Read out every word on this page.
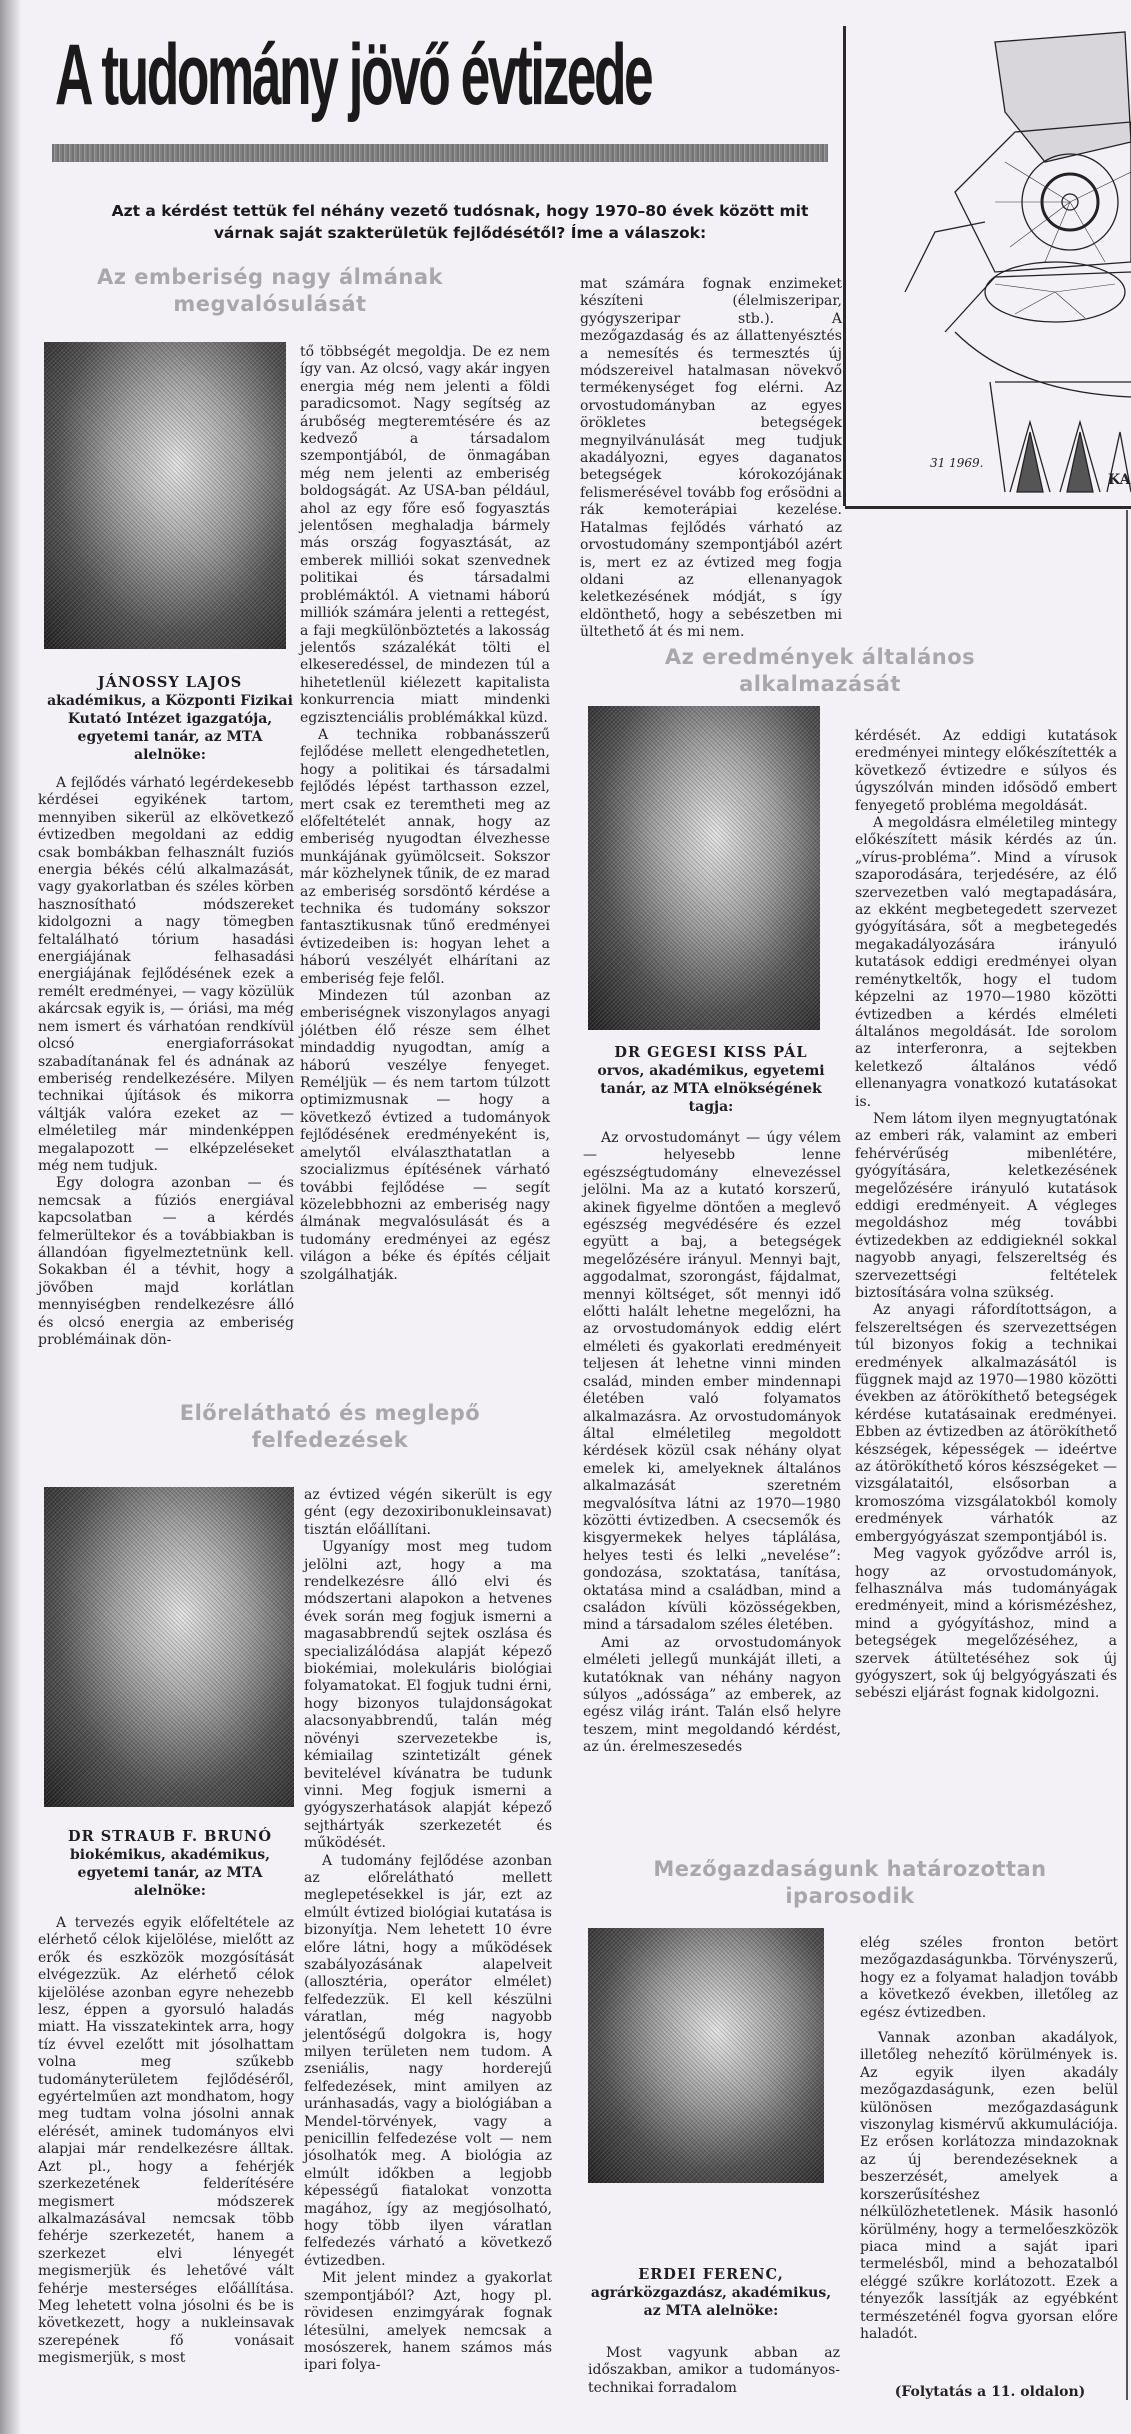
A tudomány jövő évtizede
31 1969.
KA

Azt a kérdést tettük fel néhány vezető tudósnak, hogy 1970–80 évek között mit várnak saját szakterületük fejlődésétől? Íme a válaszok:

Az emberiség nagy álmának megvalósulását
JÁNOSSY LAJOS
akadémikus, a Központi Fizikai Kutató Intézet igazgatója, egyetemi tanár, az MTA alelnöke:

A fejlődés várható legérdekesebb kérdései egyikének tartom, mennyiben sikerül az elkövetkező évtizedben megoldani az eddig csak bombákban felhasznált fuziós energia békés célú alkalmazását, vagy gyakorlatban és széles körben hasznosítható módszereket kidolgozni a nagy tömegben feltalálható tórium hasadási energiájának felhasadási energiájának fejlődésének ezek a remélt eredményei, — vagy közülük akárcsak egyik is, — óriási, ma még nem ismert és várhatóan rendkívül olcsó energiaforrásokat szabadítanának fel és adnának az emberiség rendelkezésére. Milyen technikai újítások és mikorra váltják valóra ezeket az — elméletileg már mindenképpen megalapozott — elképzeléseket még nem tudjuk.

Egy dologra azonban — és nemcsak a fúziós energiával kapcsolatban — a kérdés felmerültekor és a továbbiakban is állandóan figyelmeztetnünk kell. Sokakban él a tévhit, hogy a jövőben majd korlátlan mennyiségben rendelkezésre álló és olcsó energia az emberiség problémáinak dön-

tő többségét megoldja. De ez nem így van. Az olcsó, vagy akár ingyen energia még nem jelenti a földi paradicsomot. Nagy segítség az árubőség megteremtésére és az kedvező a társadalom szempontjából, de önmagában még nem jelenti az emberiség boldogságát. Az USA-ban például, ahol az egy főre eső fogyasztás jelentősen meghaladja bármely más ország fogyasztását, az emberek milliói sokat szenvednek politikai és társadalmi problémáktól. A vietnami háború milliók számára jelenti a rettegést, a faji megkülönböztetés a lakosság jelentős százalékát tölti el elkeseredéssel, de mindezen túl a hihetetlenül kiélezett kapitalista konkurrencia miatt mindenki egzisztenciális problémákkal küzd.

A technika robbanásszerű fejlődése mellett elengedhetetlen, hogy a politikai és társadalmi fejlődés lépést tarthasson ezzel, mert csak ez teremtheti meg az előfeltételét annak, hogy az emberiség nyugodtan élvezhesse munkájának gyümölcseit. Sokszor már közhelynek tűnik, de ez marad az emberiség sorsdöntő kérdése a technika és tudomány sokszor fantasztikusnak tűnő eredményei évtizedeiben is: hogyan lehet a háború veszélyét elhárítani az emberiség feje felől.

Mindezen túl azonban az emberiségnek viszonylagos anyagi jólétben élő része sem élhet mindaddig nyugodtan, amíg a háború veszélye fenyeget. Reméljük — és nem tartom túlzott optimizmusnak — hogy a következő évtized a tudományok fejlődésének eredményeként is, amelytől elválaszthatatlan a szocializmus építésének várható további fejlődése — segít közelebbhozni az emberiség nagy álmának megvalósulását és a tudomány eredményei az egész világon a béke és építés céljait szolgálhatják.

Előrelátható és meglepő felfedezések
DR STRAUB F. BRUNÓ
biokémikus, akadémikus, egyetemi tanár, az MTA alelnöke:

A tervezés egyik előfeltétele az elérhető célok kijelölése, mielőtt az erők és eszközök mozgósítását elvégezzük. Az elérhető célok kijelölése azonban egyre nehezebb lesz, éppen a gyorsuló haladás miatt. Ha visszatekintek arra, hogy tíz évvel ezelőtt mit jósolhattam volna meg szűkebb tudományterületem fejlődéséről, egyértelműen azt mondhatom, hogy meg tudtam volna jósolni annak elérését, aminek tudományos elvi alapjai már rendelkezésre álltak. Azt pl., hogy a fehérjék szerkezetének felderítésére megismert módszerek alkalmazásával nemcsak több fehérje szerkezetét, hanem a szerkezet elvi lényegét megismerjük és lehetővé vált fehérje mesterséges előállítása. Meg lehetett volna jósolni és be is következett, hogy a nukleinsavak szerepének fő vonásait megismerjük, s most

az évtized végén sikerült is egy gént (egy dezoxiribonukleinsavat) tisztán előállítani.

Ugyanígy most meg tudom jelölni azt, hogy a ma rendelkezésre álló elvi és módszertani alapokon a hetvenes évek során meg fogjuk ismerni a magasabbrendű sejtek oszlása és specializálódása alapját képező biokémiai, molekuláris biológiai folyamatokat. El fogjuk tudni érni, hogy bizonyos tulajdonságokat alacsonyabbrendű, talán még növényi szervezetekbe is, kémiailag szintetizált gének bevitelével kívánatra be tudunk vinni. Meg fogjuk ismerni a gyógyszerhatások alapját képező sejthártyák szerkezetét és működését.

A tudomány fejlődése azonban az előrelátható mellett meglepetésekkel is jár, ezt az elmúlt évtized biológiai kutatása is bizonyítja. Nem lehetett 10 évre előre látni, hogy a működések szabályozásának alapelveit (allosztéria, operátor elmélet) felfedezzük. El kell készülni váratlan, még nagyobb jelentőségű dolgokra is, hogy milyen területen nem tudom. A zseniális, nagy horderejű felfedezések, mint amilyen az uránhasadás, vagy a biológiában a Mendel-törvények, vagy a penicillin felfedezése volt — nem jósolhatók meg. A biológia az elmúlt időkben a legjobb képességű fiatalokat vonzotta magához, így az megjósolható, hogy több ilyen váratlan felfedezés várható a következő évtizedben.

Mit jelent mindez a gyakorlat szempontjából? Azt, hogy pl. rövidesen enzimgyárak fognak létesülni, amelyek nemcsak a mosószerek, hanem számos más ipari folya-

mat számára fognak enzimeket készíteni (élelmiszeripar, gyógyszeripar stb.). A mezőgazdaság és az állattenyésztés a nemesítés és termesztés új módszereivel hatalmasan növekvő termékenységet fog elérni. Az orvostudományban az egyes örökletes betegségek megnyilvánulását meg tudjuk akadályozni, egyes daganatos betegségek kórokozójának felismerésével tovább fog erősödni a rák kemoterápiai kezelése. Hatalmas fejlődés várható az orvostudomány szempontjából azért is, mert ez az évtized meg fogja oldani az ellenanyagok keletkezésének módját, s így eldönthető, hogy a sebészetben mi ültethető át és mi nem.

Az eredmények általános alkalmazását
DR GEGESI KISS PÁL
orvos, akadémikus, egyetemi tanár, az MTA elnökségének tagja:

Az orvostudományt — úgy vélem — helyesebb lenne egészségtudomány elnevezéssel jelölni. Ma az a kutató korszerű, akinek figyelme döntően a meglevő egészség megvédésére és ezzel együtt a baj, a betegségek megelőzésére irányul. Mennyi bajt, aggodalmat, szorongást, fájdalmat, mennyi költséget, sőt mennyi idő előtti halált lehetne megelőzni, ha az orvostudományok eddig elért elméleti és gyakorlati eredményeit teljesen át lehetne vinni minden család, minden ember mindennapi életében való folyamatos alkalmazásra. Az orvostudományok által elméletileg megoldott kérdések közül csak néhány olyat emelek ki, amelyeknek általános alkalmazását szeretném megvalósítva látni az 1970—1980 közötti évtizedben. A csecsemők és kisgyermekek helyes táplálása, helyes testi és lelki „nevelése”: gondozása, szoktatása, tanítása, oktatása mind a családban, mind a családon kívüli közösségekben, mind a társadalom széles életében.

Ami az orvostudományok elméleti jellegű munkáját illeti, a kutatóknak van néhány nagyon súlyos „adóssága” az emberek, az egész világ iránt. Talán első helyre teszem, mint megoldandó kérdést, az ún. érelmeszesedés

kérdését. Az eddigi kutatások eredményei mintegy előkészítették a következő évtizedre e súlyos és úgyszólván minden idősödő embert fenyegető probléma megoldását.

A megoldásra elméletileg mintegy előkészített másik kérdés az ún. „vírus-probléma”. Mind a vírusok szaporodására, terjedésére, az élő szervezetben való megtapadására, az ekként megbetegedett szervezet gyógyítására, sőt a megbetegedés megakadályozására irányuló kutatások eddigi eredményei olyan reménytkeltők, hogy el tudom képzelni az 1970—1980 közötti évtizedben a kérdés elméleti általános megoldását. Ide sorolom az interferonra, a sejtekben keletkező általános védő ellenanyagra vonatkozó kutatásokat is.

Nem látom ilyen megnyugtatónak az emberi rák, valamint az emberi fehérvérűség mibenlétére, gyógyítására, keletkezésének megelőzésére irányuló kutatások eddigi eredményeit. A végleges megoldáshoz még további évtizedekben az eddigieknél sokkal nagyobb anyagi, felszereltség és szervezettségi feltételek biztosítására volna szükség.

Az anyagi ráfordítottságon, a felszereltségen és szervezettségen túl bizonyos fokig a technikai eredmények alkalmazásától is függnek majd az 1970—1980 közötti években az átörökíthető betegségek kérdése kutatásainak eredményei. Ebben az évtizedben az átörökíthető készségek, képességek — ideértve az átörökíthető kóros készségeket — vizsgálataitól, elsősorban a kromoszóma vizsgálatokból komoly eredmények várhatók az embergyógyászat szempontjából is.

Meg vagyok győződve arról is, hogy az orvostudományok, felhasználva más tudományágak eredményeit, mind a kórismézéshez, mind a gyógyításhoz, mind a betegségek megelőzéséhez, a szervek átültetéséhez sok új gyógyszert, sok új belgyógyászati és sebészi eljárást fognak kidolgozni.

Mezőgazdaságunk határozottan iparosodik
ERDEI FERENC,
agrárközgazdász, akadémikus, az MTA alelnöke:

Most vagyunk abban az időszakban, amikor a tudományos-technikai forradalom

elég széles fronton betört mezőgazdaságunkba. Törvényszerű, hogy ez a folyamat haladjon tovább a következő években, illetőleg az egész évtizedben.

Vannak azonban akadályok, illetőleg nehezítő körülmények is. Az egyik ilyen akadály mezőgazdaságunk, ezen belül különösen mezőgazdaságunk viszonylag kismérvű akkumulációja. Ez erősen korlátozza mindazoknak az új berendezéseknek a beszerzését, amelyek a korszerűsítéshez nélkülözhetetlenek. Másik hasonló körülmény, hogy a termelőeszközök piaca mind a saját ipari termelésből, mind a behozatalból eléggé szűkre korlátozott. Ezek a tényezők lassítják az egyébként természeténél fogva gyorsan előre haladót.

(Folytatás a 11. oldalon)
